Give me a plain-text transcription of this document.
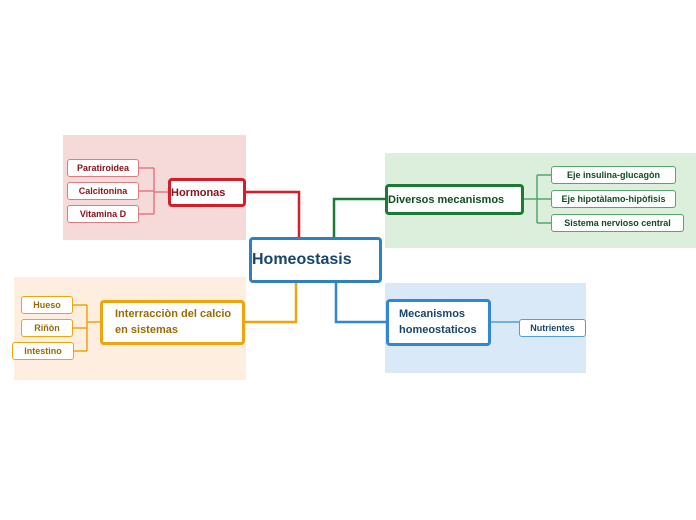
Homeostasis
Hormonas
Paratiroidea
Calcitonina
Vitamina D
Diversos mecanismos
Eje insulina-glucagòn
Eje hipotàlamo-hipòfisis
Sistema nervioso central
Interracciòn del calcio
en sistemas
Hueso
Riñòn
Intestino
Mecanismos
homeostaticos	Nutrientes
